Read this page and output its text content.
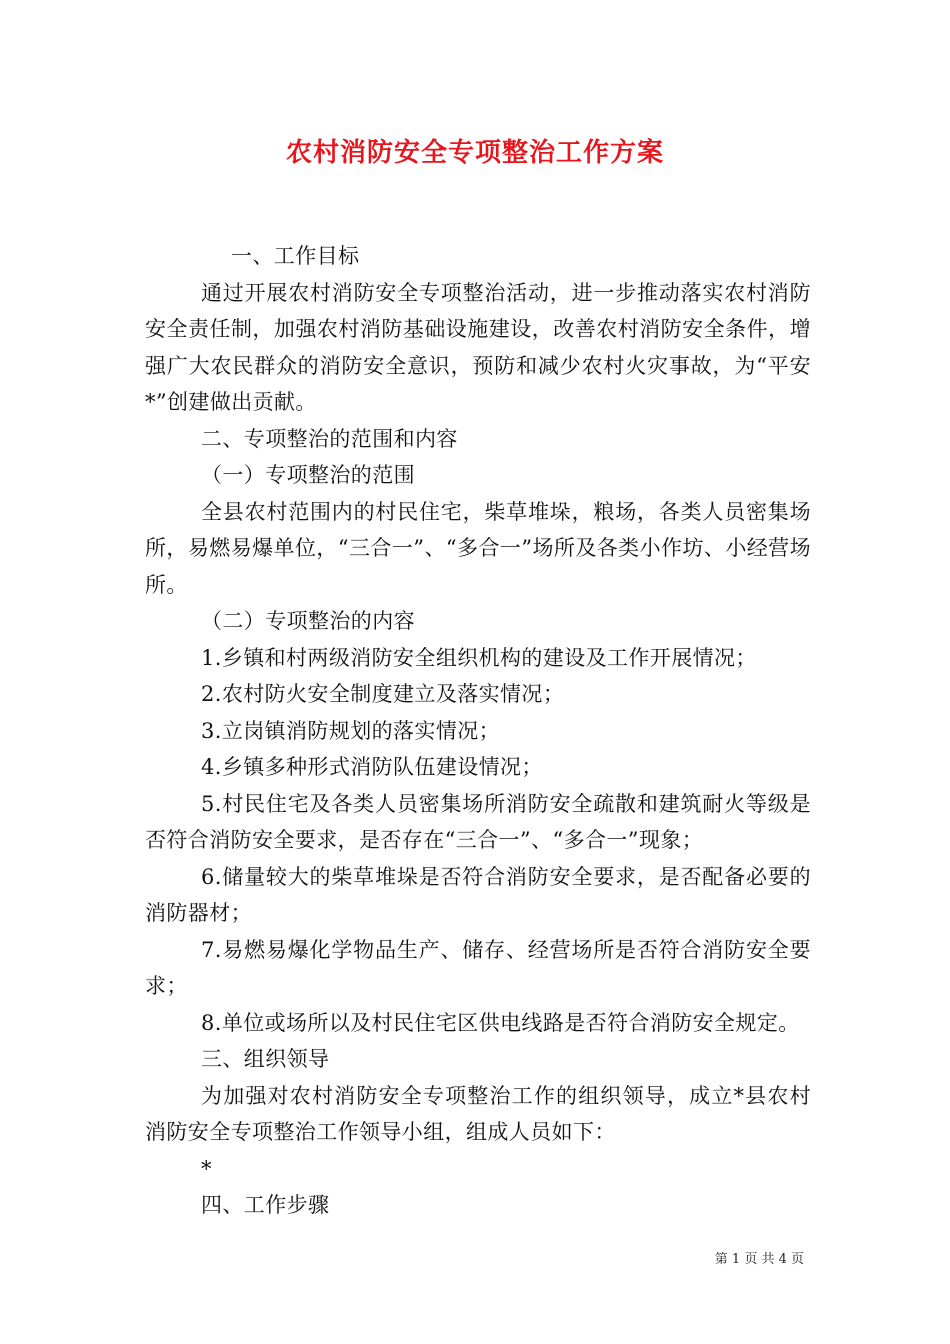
农村消防安全专项整治工作方案

一、工作目标

通过开展农村消防安全专项整治活动，进一步推动落实农村消防安全责任制，加强农村消防基础设施建设，改善农村消防安全条件，增强广大农民群众的消防安全意识，预防和减少农村火灾事故，为“平安*”创建做出贡献。

二、专项整治的范围和内容

（一）专项整治的范围

全县农村范围内的村民住宅，柴草堆垛，粮场，各类人员密集场所，易燃易爆单位，“三合一”、“多合一”场所及各类小作坊、小经营场所。

（二）专项整治的内容

1.乡镇和村两级消防安全组织机构的建设及工作开展情况；

2.农村防火安全制度建立及落实情况；

3.立岗镇消防规划的落实情况；

4.乡镇多种形式消防队伍建设情况；

5.村民住宅及各类人员密集场所消防安全疏散和建筑耐火等级是否符合消防安全要求，是否存在“三合一”、“多合一”现象；

6.储量较大的柴草堆垛是否符合消防安全要求，是否配备必要的消防器材；

7.易燃易爆化学物品生产、储存、经营场所是否符合消防安全要求；

8.单位或场所以及村民住宅区供电线路是否符合消防安全规定。

三、组织领导

为加强对农村消防安全专项整治工作的组织领导，成立*县农村消防安全专项整治工作领导小组，组成人员如下：

*

四、工作步骤

第 1 页 共 4 页
